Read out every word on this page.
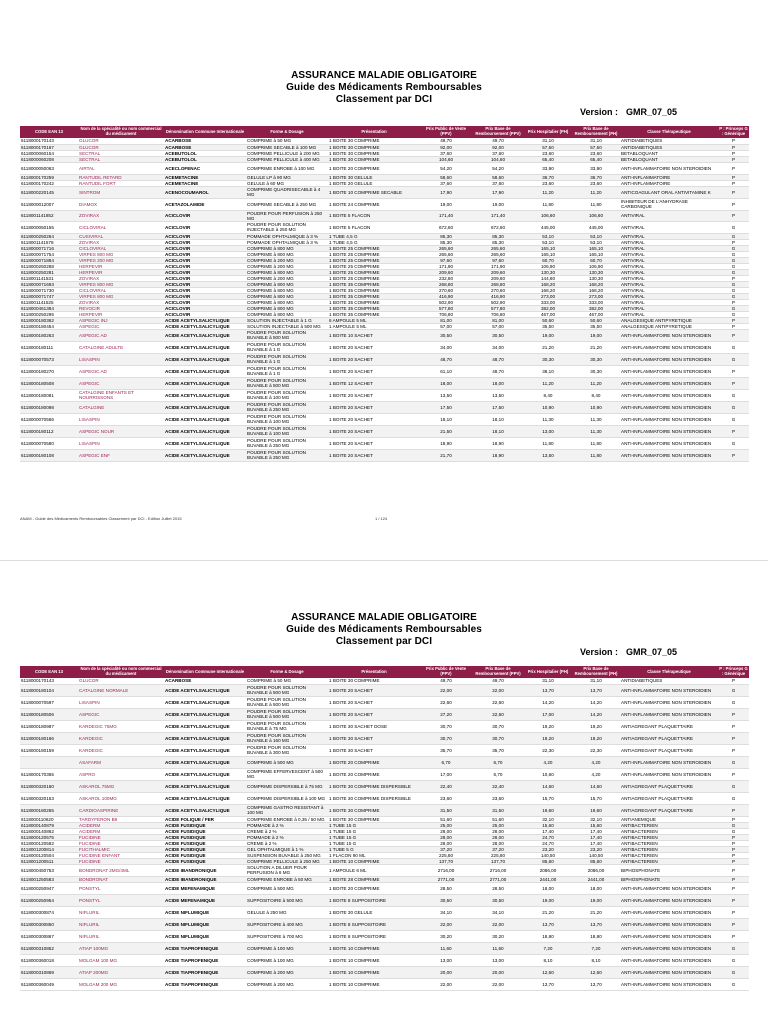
ASSURANCE MALADIE OBLIGATOIRE
Guide des Médicaments Remboursables
Classement par DCI
Version : GMR_07_05
CODE EAN 13	Nom de la spécialité ou nom commercial du médicament	Dénomination Commune Internationale	Forme & Dosage	Présentation	Prix Public de Vente (PPV)	Prix Base de Remboursement (PPV)	Prix Hospitalier (PH)	Prix Base de Remboursement (PH)	Classe Thérapeutique	P : Princeps G : Générique
6118000170143	GLUCOR	ACARBOSE	COMPRIME à 50 MG	1 BOITE 30 COMPRIME	49,70	49,70	31,10	31,10	ANTIDIABETIQUES	P
6118000170167	GLUCOR	ACARBOSE	COMPRIME SECABLE à 100 MG	1 BOITE 30 COMPRIME	92,00	92,00	57,50	57,50	ANTIDIABETIQUES	P
6118000060154	SECTRAL	ACEBUTOLOL	COMPRIME PELLICULE à 200 MG	1 BOITE 30 COMPRIME	37,60	37,60	23,60	23,60	BETABLOQUANT	P
6118000060208	SECTRAL	ACEBUTOLOL	COMPRIME PELLICULE à 400 MG	1 BOITE 30 COMPRIME	104,60	104,60	65,40	65,40	BETABLOQUANT	P
6118000050063	AIRTAL	ACECLOFENAC	COMPRIME ENROBE à 100 MG	1 BOITE 20 COMPRIME	54,20	54,20	33,90	33,90	ANTI-INFLAMMATOIRE NON STEROIDIEN	P
6118000170259	RANTUDIL RETARD	ACEMETACINE	GELULE LP à 90 MG	1 BOITE 30 GELULE	58,60	58,60	36,70	36,70	ANTI-INFLAMMATOIRE	P
6118000170242	RANTUDIL FORT	ACEMETACINE	GELULE à 60 MG	1 BOITE 20 GELULE	37,60	37,60	23,60	23,60	ANTI-INFLAMMATOIRE	P
6118000220145	SINTROM	ACENOCOUMAROL	COMPRIME QUADRISECABLE à 4 MG	1 BOITE 10 COMPRIME SECABLE	17,90	17,90	11,20	11,20	ANTICOAGULANT ORAL ANTIVITAMINE K	P
6118000012007	DIAMOX	ACETAZOLAMIDE	COMPRIME SECABLE à 250 MG	1 BOITE 24 COMPRIME	19,00	19,00	11,80	11,80	INHIBITEUR DE L'ANHYDRASE CARBONIQUE	P
6118001141852	ZOVIRAX	ACICLOVIR	POUDRE POUR PERFUSION à 250 MG	1 BOITE 5 FLACON	171,40	171,40	106,60	106,60	ANTIVIRAL	P
6118000050155	CICLOVIRAL	ACICLOVIR	POUDRE POUR SOLUTION INJECTABLE à 250 MG	1 BOITE 5 FLACON	672,60	672,60	445,00	445,00	ANTIVIRAL	G
6118000250264	CUSIVIRAL	ACICLOVIR	POMMADE OPHTALMIQUE à 3 %	1 TUBE 4,5 G	85,30	85,30	53,10	53,10	ANTIVIRAL	G
6118001141578	ZOVIRAX	ACICLOVIR	POMMADE OPHTALMIQUE à 3 %	1 TUBE 4,5 G	85,30	85,30	53,10	53,10	ANTIVIRAL	P
6118000071716	CICLOVIRAL	ACICLOVIR	COMPRIME à 800 MG	1 BOITE 25 COMPRIME	265,60	265,60	165,10	165,10	ANTIVIRAL	G
6118000071754	VIRPES 800 MG	ACICLOVIR	COMPRIME à 800 MG	1 BOITE 25 COMPRIME	265,60	265,60	165,10	165,10	ANTIVIRAL	G
6118000071884	VIRPES 200 MG	ACICLOVIR	COMPRIME à 200 MG	1 BOITE 25 COMPRIME	97,60	97,60	60,70	60,70	ANTIVIRAL	G
6118000250288	HERPEVIR	ACICLOVIR	COMPRIME à 200 MG	1 BOITE 25 COMPRIME	171,90	171,90	106,90	106,90	ANTIVIRAL	G
6118000250281	HERPEVIR	ACICLOVIR	COMPRIME à 800 MG	1 BOITE 25 COMPRIME	209,60	209,60	130,30	130,30	ANTIVIRAL	G
6118001141531	ZOVIRAX	ACICLOVIR	COMPRIME à 200 MG	1 BOITE 25 COMPRIME	232,80	209,60	144,80	130,30	ANTIVIRAL	P
6118000071693	VIRPES 800 MG	ACICLOVIR	COMPRIME à 800 MG	1 BOITE 35 COMPRIME	268,80	268,80	168,20	168,20	ANTIVIRAL	G
6118000071730	CICLOVIRAL	ACICLOVIR	COMPRIME à 800 MG	1 BOITE 35 COMPRIME	270,60	270,60	168,20	168,20	ANTIVIRAL	G
6118000071747	VIRPES 800 MG	ACICLOVIR	COMPRIME à 800 MG	1 BOITE 35 COMPRIME	416,90	416,90	273,00	273,00	ANTIVIRAL	G
6118001141525	ZOVIRAX	ACICLOVIR	COMPRIME à 800 MG	1 BOITE 35 COMPRIME	502,90	502,90	333,00	333,00	ANTIVIRAL	P
6118000461384	REVOCIR	ACICLOVIR	COMPRIME à 800 MG	1 BOITE 35 COMPRIME	577,80	577,80	382,00	382,00	ANTIVIRAL	G
6118000250295	HERPEVIR	ACICLOVIR	COMPRIME à 800 MG	1 BOITE 35 COMPRIME	706,80	706,80	467,00	467,00	ANTIVIRAL	G
6118000180362	ASPEGIC INJ	ACIDE ACETYLSALICYLIQUE	SOLUTION INJECTABLE à 1 G	6 AMPOULE 5 ML	81,00	81,00	50,60	50,60	ANALGESIQUE ANTIPYRETIQUE	P
6118000180454	ASPEGIC	ACIDE ACETYLSALICYLIQUE	SOLUTION INJECTABLE à 500 MG	1 AMPOULE 5 ML	57,00	57,00	35,50	35,50	ANALGESIQUE ANTIPYRETIQUE	P
6118000180263	ASPEGIC AD	ACIDE ACETYLSALICYLIQUE	POUDRE POUR SOLUTION BUVABLE à 500 MG	1 BOITE 10 SACHET	30,50	30,50	19,00	19,00	ANTI-INFLAMMATOIRE NON STEROIDIEN	P
6118000180111	CATALGINE ADULTE	ACIDE ACETYLSALICYLIQUE	POUDRE POUR SOLUTION BUVABLE à 1 G	1 BOITE 20 SACHET	34,00	34,00	21,20	21,20	ANTI-INFLAMMATOIRE NON STEROIDIEN	G
6118000070573	LISASPIN	ACIDE ACETYLSALICYLIQUE	POUDRE POUR SOLUTION BUVABLE à 1 G	1 BOITE 20 SACHET	48,70	48,70	30,30	30,30	ANTI-INFLAMMATOIRE NON STEROIDIEN	G
6118000180270	ASPEGIC AD	ACIDE ACETYLSALICYLIQUE	POUDRE POUR SOLUTION BUVABLE à 1 G	1 BOITE 20 SACHET	61,10	48,70	38,10	30,30	ANTI-INFLAMMATOIRE NON STEROIDIEN	P
6118000180508	ASPEGIC	ACIDE ACETYLSALICYLIQUE	POUDRE POUR SOLUTION BUVABLE à 500 MG	1 BOITE 12 SACHET	18,00	18,00	11,20	11,20	ANTI-INFLAMMATOIRE NON STEROIDIEN	P
6118000180081	CATALGINE ENFANTS ET NOURRISSONS	ACIDE ACETYLSALICYLIQUE	POUDRE POUR SOLUTION BUVABLE à 100 MG	1 BOITE 20 SACHET	13,50	13,50	8,40	8,40	ANTI-INFLAMMATOIRE NON STEROIDIEN	G
6118000180098	CATALGINE	ACIDE ACETYLSALICYLIQUE	POUDRE POUR SOLUTION BUVABLE à 250 MG	1 BOITE 20 SACHET	17,50	17,50	10,90	10,90	ANTI-INFLAMMATOIRE NON STEROIDIEN	G
6118000070566	LISASPIN	ACIDE ACETYLSALICYLIQUE	POUDRE POUR SOLUTION BUVABLE à 100 MG	1 BOITE 20 SACHET	18,10	18,10	11,30	11,30	ANTI-INFLAMMATOIRE NON STEROIDIEN	G
6118000180112	ASPEGIC NOUR	ACIDE ACETYLSALICYLIQUE	POUDRE POUR SOLUTION BUVABLE à 100 MG	1 BOITE 20 SACHET	21,50	18,10	13,00	11,30	ANTI-INFLAMMATOIRE NON STEROIDIEN	P
6118000070580	LISASPIN	ACIDE ACETYLSALICYLIQUE	POUDRE POUR SOLUTION BUVABLE à 250 MG	1 BOITE 20 SACHET	18,90	18,90	11,80	11,80	ANTI-INFLAMMATOIRE NON STEROIDIEN	G
6118000180108	ASPEGIC ENF	ACIDE ACETYLSALICYLIQUE	POUDRE POUR SOLUTION BUVABLE à 250 MG	1 BOITE 20 SACHET	21,70	18,90	13,50	11,80	ANTI-INFLAMMATOIRE NON STEROIDIEN	P
ANAM - Guide des Médicaments Remboursables Classement par DCI - Edition Juillet 2015	1 / 124
ASSURANCE MALADIE OBLIGATOIRE
Guide des Médicaments Remboursables
Classement par DCI
Version : GMR_07_05
CODE EAN 13	Nom de la spécialité ou nom commercial du médicament	Dénomination Commune Internationale	Forme & Dosage	Présentation	Prix Public de Vente (PPV)	Prix Base de Remboursement (PPV)	Prix Hospitalier (PH)	Prix Base de Remboursement (PH)	Classe Thérapeutique	P : Princeps G : Générique
6118000170143	GLUCOR	ACARBOSE	COMPRIME à 50 MG	1 BOITE 30 COMPRIME	49,70	49,70	31,10	31,10	ANTIDIABETIQUES	P
6118000180104	CATALGINE NORMALE	ACIDE ACETYLSALICYLIQUE	POUDRE POUR SOLUTION BUVABLE à 500 MG	1 BOITE 20 SACHET	22,00	22,00	13,70	13,70	ANTI-INFLAMMATOIRE NON STEROIDIEN	G
6118000070597	LISASPIN	ACIDE ACETYLSALICYLIQUE	POUDRE POUR SOLUTION BUVABLE à 500 MG	1 BOITE 20 SACHET	22,60	22,60	14,20	14,20	ANTI-INFLAMMATOIRE NON STEROIDIEN	G
6118000180506	ASPEGIC	ACIDE ACETYLSALICYLIQUE	POUDRE POUR SOLUTION BUVABLE à 500 MG	1 BOITE 20 SACHET	27,20	22,60	17,00	14,20	ANTI-INFLAMMATOIRE NON STEROIDIEN	P
6118000180987	KARDEGIC 75MG	ACIDE ACETYLSALICYLIQUE	POUDRE POUR SOLUTION BUVABLE à 75 MG	1 BOITE 30 SACHET DOSE	30,70	30,70	19,20	19,20	ANTIAGREGANT PLAQUETTAIRE	P
6118000180166	KARDEGIC	ACIDE ACETYLSALICYLIQUE	POUDRE POUR SOLUTION BUVABLE à 160 MG	1 BOITE 30 SACHET	30,70	30,70	19,20	19,20	ANTIAGREGANT PLAQUETTAIRE	P
6118000180159	KARDEGIC	ACIDE ACETYLSALICYLIQUE	POUDRE POUR SOLUTION BUVABLE à 300 MG	1 BOITE 30 SACHET	35,70	35,70	22,30	22,30	ANTIAGREGANT PLAQUETTAIRE	P
	ASAFARM	ACIDE ACETYLSALICYLIQUE	COMPRIME à 500 MG	1 BOITE 20 COMPRIME	6,70	6,70	4,20	4,20	ANTI-INFLAMMATOIRE NON STEROIDIEN	G
6118000170365	ASPRO	ACIDE ACETYLSALICYLIQUE	COMPRIME EFFERVESCENT à 500 MG	1 BOITE 20 COMPRIME	17,00	6,70	10,60	4,20	ANTI-INFLAMMATOIRE NON STEROIDIEN	P
6118000320160	ASKAROL 75MG	ACIDE ACETYLSALICYLIQUE	COMPRIME DISPERSIBLE à 75 MG	1 BOITE 30 COMPRIME DISPERSIBLE	22,40	22,40	14,60	14,60	ANTIAGREGANT PLAQUETTAIRE	G
6118000320153	ASKAROL 100MG	ACIDE ACETYLSALICYLIQUE	COMPRIME DISPERSIBLE à 100 MG	1 BOITE 30 COMPRIME DISPERSIBLE	23,60	23,60	15,70	15,70	ANTIAGREGANT PLAQUETTAIRE	G
6118000180265	CARDIOASPIRINE	ACIDE ACETYLSALICYLIQUE	COMPRIME GASTRO RESISTANT à 100 MG	1 BOITE 30 COMPRIME	31,50	31,50	19,60	19,60	ANTIAGREGANT PLAQUETTAIRE	P
6118000110620	TARDYFERON B9	ACIDE FOLIQUE / FER	COMPRIME ENROBE à 0,35 / 50 MG	1 BOITE 30 COMPRIME	51,60	51,60	32,10	32,10	ANTIANEMIQUE	P
6118000140879	ACIDERM	ACIDE FUSIDIQUE	POMMADE à 2 %	1 TUBE 15 G	25,00	25,00	15,60	15,60	ANTIBACTERIEN	G
6118000140862	ACIDERM	ACIDE FUSIDIQUE	CREME à 2 %	1 TUBE 15 G	28,00	28,00	17,40	17,40	ANTIBACTERIEN	G
6118000120575	FUCIDINE	ACIDE FUSIDIQUE	POMMADE à 2 %	1 TUBE 15 G	28,00	28,00	24,70	17,40	ANTIBACTERIEN	P
6118000120582	FUCIDINE	ACIDE FUSIDIQUE	CREME à 2 %	1 TUBE 15 G	28,00	28,00	24,70	17,40	ANTIBACTERIEN	P
6118001200814	FUCITHALMIC	ACIDE FUSIDIQUE	GEL OPHTALMIQUE à 1 %	1 TUBE 5 G	37,20	37,20	23,20	23,20	ANTIBACTERIEN	P
6118000120504	FUCIDINE ENFANT	ACIDE FUSIDIQUE	SUSPENSION BUVABLE à 250 MG	1 FLACON 90 ML	225,80	225,80	140,50	140,50	ANTIBACTERIEN	P
6118001200511	FUCIDINE	ACIDE FUSIDIQUE	COMPRIME PELLICULE à 250 MG	1 BOITE 10 COMPRIME	137,70	137,70	85,60	85,60	ANTIBACTERIEN	P
6118000450753	BONDRONAT 2MG/4ML	ACIDE IBANDRONIQUE	SOLUTION A DILUER POUR PERFUSION à 6 MG	1 AMPOULE 6 ML	2716,00	2716,00	2086,00	2086,00	BIPHOSPHONATE	P
6118001250583	BONDRONAT	ACIDE IBANDRONIQUE	COMPRIME ENROBE à 50 MG	1 BOITE 28 COMPRIME	2771,00	2771,00	2441,00	2441,00	BIPHOSPHONATE	P
6118000250947	PONSTYL	ACIDE MEFENAMIQUE	COMPRIME à 500 MG	1 BOITE 20 COMPRIME	28,50	28,50	18,00	18,00	ANTI-INFLAMMATOIRE NON STEROIDIEN	P
6118000250954	PONSTYL	ACIDE MEFENAMIQUE	SUPPOSITOIRE à 500 MG	1 BOITE 8 SUPPOSITOIRE	30,50	30,50	19,00	19,00	ANTI-INFLAMMATOIRE NON STEROIDIEN	P
6118000300874	NIFLURIL	ACIDE NIFLUMIQUE	GELULE à 250 MG	1 BOITE 30 GELULE	34,10	34,10	21,20	21,20	ANTI-INFLAMMATOIRE NON STEROIDIEN	P
6118000300850	NIFLURIL	ACIDE NIFLUMIQUE	SUPPOSITOIRE à 400 MG	1 BOITE 8 SUPPOSITOIRE	22,00	22,00	13,70	13,70	ANTI-INFLAMMATOIRE NON STEROIDIEN	P
6118000300867	NIFLURIL	ACIDE NIFLUMIQUE	SUPPOSITOIRE à 700 MG	1 BOITE 8 SUPPOSITOIRE	30,20	30,20	18,80	18,80	ANTI-INFLAMMATOIRE NON STEROIDIEN	P
6118000310852	ATIAP 100MG	ACIDE TIAPROFENIQUE	COMPRIME à 100 MG	1 BOITE 10 COMPRIME	11,60	11,60	7,20	7,20	ANTI-INFLAMMATOIRE NON STEROIDIEN	G
6118000360018	MOLGAM 100 MG	ACIDE TIAPROFENIQUE	COMPRIME à 100 MG	1 BOITE 10 COMPRIME	13,00	13,00	8,10	8,10	ANTI-INFLAMMATOIRE NON STEROIDIEN	G
6118000310869	ATIAP 200MG	ACIDE TIAPROFENIQUE	COMPRIME à 200 MG	1 BOITE 10 COMPRIME	20,00	20,00	12,60	12,60	ANTI-INFLAMMATOIRE NON STEROIDIEN	G
6118000360049	MOLGAM 200 MG	ACIDE TIAPROFENIQUE	COMPRIME à 200 MG	1 BOITE 10 COMPRIME	22,00	22,00	13,70	13,70	ANTI-INFLAMMATOIRE NON STEROIDIEN	G
